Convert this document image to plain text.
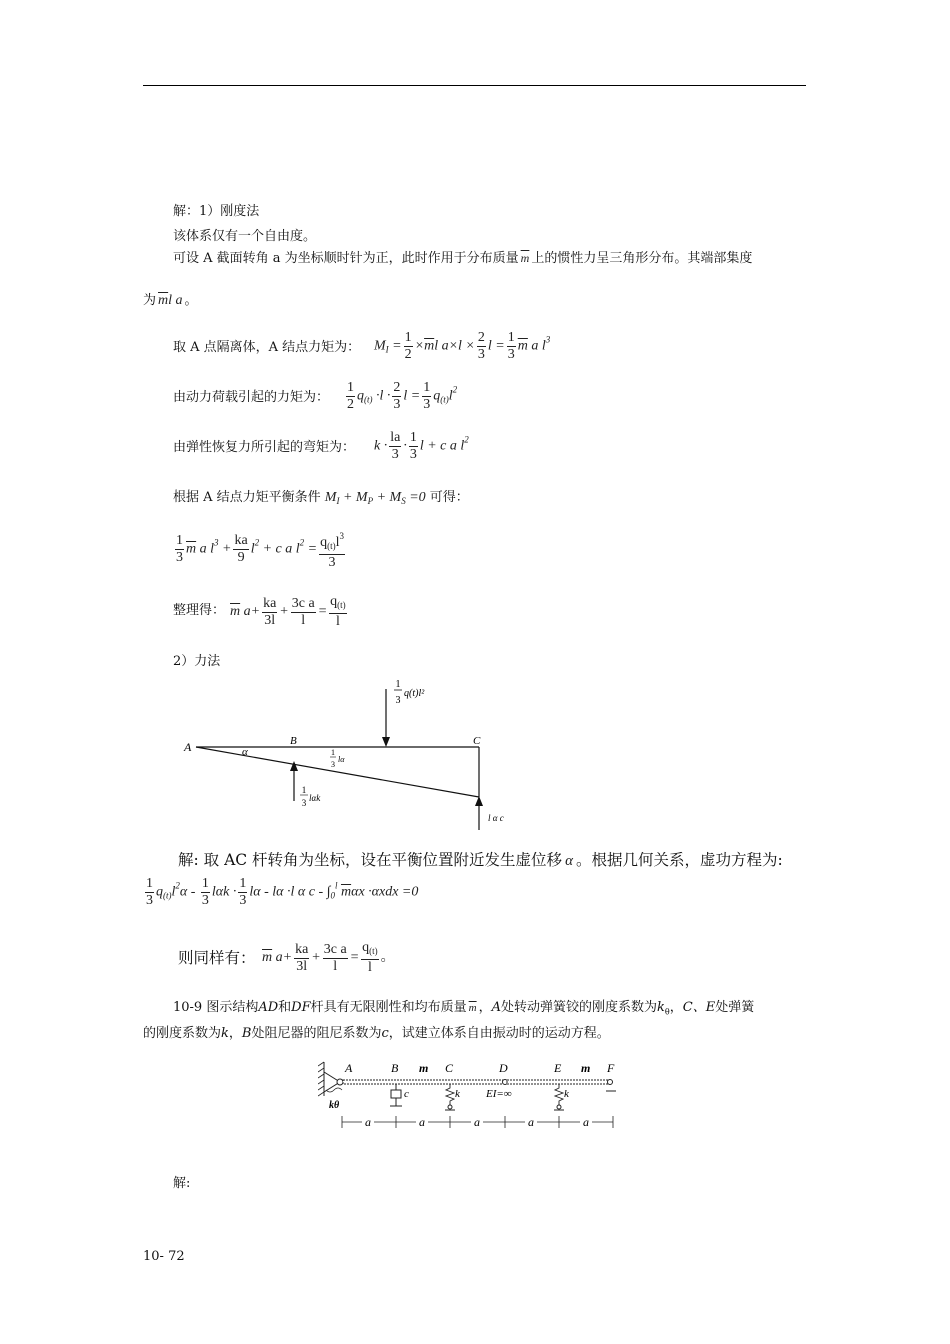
解：1）刚度法
该体系仅有一个自由度。
可设 A 截面转角 a 为坐标顺时针为正，此时作用于分布质量 $\overline{m}$ 上的惯性力呈三角形分布。其端部集度
为 $\overline{m}l$ a 。
取 A 点隔离体，A 结点力矩为： $M_I = \frac{1}{2} \times\overline{m}l$ $a\times l \times \frac{2}{3}$ $l = \frac{1}{3} \overline{m}$ a $l^3$
由动力荷载引起的力矩为： $\frac{1}{2} q_{(t)} \cdot l \cdot \frac{2}{3}$ $l = \frac{1}{3} q_{(t)}l^2$
由弹性恢复力所引起的弯矩为： $k \cdot \frac{la}{3} \cdot \frac{1}{3}$ l + c a $l^2$
根据 A 结点力矩平衡条件 $M_I + M_P + M_S =0$ 可得：
$\frac{1}{3} \overline{m}$ a $l^3 + \frac{ka}{9} l^2 + c$ a $l^2 = \frac{q_{(t)}l^3}{3}$
整理得： $\overline{m}$ $a+ \frac{ka}{3l} + \frac{\text{3c a}}{l} = \frac{q_{(t)}}{l}$
2）力法
A	B	C
α
1
3
q(t)l²
1
3
lα
1
3 lαk
l α c
解: 取 AC 杆转角为坐标，设在平衡位置附近发生虚位移 α 。根据几何关系，虚功方程为:
$\frac{1}{3} q_{(t)}l^2\alpha - \frac{1}{3}$ $l\alpha k \cdot \frac{1}{3}$ lα - lα ·l α c - $\int_0^l$ $\overline{m}\alpha x \cdot\alpha xdx =0$
则同样有： $\overline{m}$ $a+ \frac{ka}{3l} + \frac{\text{3c a}}{l} = \frac{q_{(t)}}{l}$ 。
10-9 图示结构AD和DF杆具有无限刚性和均布质量 $\overline{m}$ ，A处转动弹簧铰的刚度系数为$k_\theta$，C、E处弹簧
的刚度系数为k，B处阻尼器的阻尼系数为c，试建立体系自由振动时的运动方程。
A	B m C	D	E m F
c	k EI=∞	k
kθ
a	a	a	a	a
解:
10- 72
